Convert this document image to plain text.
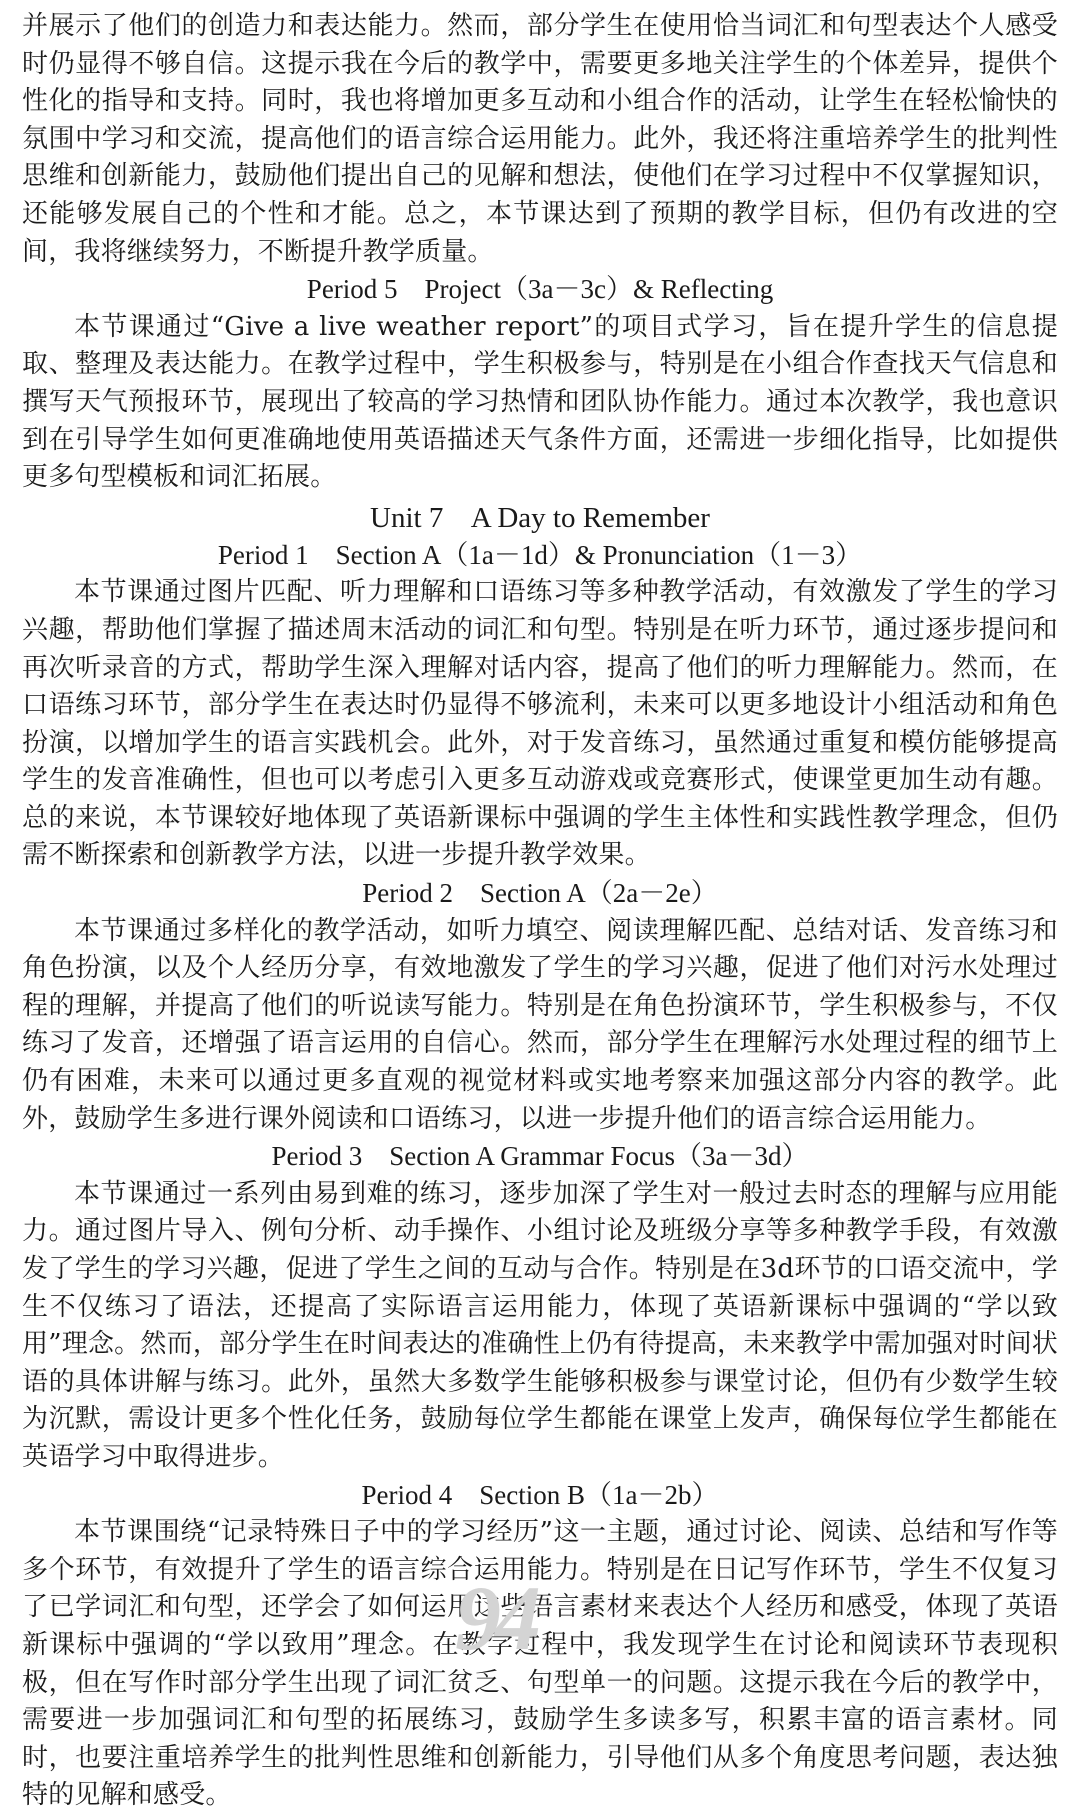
并展示了他们的创造力和表达能力。然而，部分学生在使用恰当词汇和句型表达个人感受时仍显得不够自信。这提示我在今后的教学中，需要更多地关注学生的个体差异，提供个性化的指导和支持。同时，我也将增加更多互动和小组合作的活动，让学生在轻松愉快的氛围中学习和交流，提高他们的语言综合运用能力。此外，我还将注重培养学生的批判性思维和创新能力，鼓励他们提出自己的见解和想法，使他们在学习过程中不仅掌握知识，还能够发展自己的个性和才能。总之，本节课达到了预期的教学目标，但仍有改进的空间，我将继续努力，不断提升教学质量。

Period 5    Project（3a－3c）& Reflecting

本节课通过“Give a live weather report”的项目式学习，旨在提升学生的信息提取、整理及表达能力。在教学过程中，学生积极参与，特别是在小组合作查找天气信息和撰写天气预报环节，展现出了较高的学习热情和团队协作能力。通过本次教学，我也意识到在引导学生如何更准确地使用英语描述天气条件方面，还需进一步细化指导，比如提供更多句型模板和词汇拓展。

Unit 7    A Day to Remember
Period 1    Section A（1a－1d）& Pronunciation（1－3）

本节课通过图片匹配、听力理解和口语练习等多种教学活动，有效激发了学生的学习兴趣，帮助他们掌握了描述周末活动的词汇和句型。特别是在听力环节，通过逐步提问和再次听录音的方式，帮助学生深入理解对话内容，提高了他们的听力理解能力。然而，在口语练习环节，部分学生在表达时仍显得不够流利，未来可以更多地设计小组活动和角色扮演，以增加学生的语言实践机会。此外，对于发音练习，虽然通过重复和模仿能够提高学生的发音准确性，但也可以考虑引入更多互动游戏或竞赛形式，使课堂更加生动有趣。总的来说，本节课较好地体现了英语新课标中强调的学生主体性和实践性教学理念，但仍需不断探索和创新教学方法，以进一步提升教学效果。

Period 2    Section A（2a－2e）

本节课通过多样化的教学活动，如听力填空、阅读理解匹配、总结对话、发音练习和角色扮演，以及个人经历分享，有效地激发了学生的学习兴趣，促进了他们对污水处理过程的理解，并提高了他们的听说读写能力。特别是在角色扮演环节，学生积极参与，不仅练习了发音，还增强了语言运用的自信心。然而，部分学生在理解污水处理过程的细节上仍有困难，未来可以通过更多直观的视觉材料或实地考察来加强这部分内容的教学。此外，鼓励学生多进行课外阅读和口语练习，以进一步提升他们的语言综合运用能力。

Period 3    Section A Grammar Focus（3a－3d）

本节课通过一系列由易到难的练习，逐步加深了学生对一般过去时态的理解与应用能力。通过图片导入、例句分析、动手操作、小组讨论及班级分享等多种教学手段，有效激发了学生的学习兴趣，促进了学生之间的互动与合作。特别是在3d环节的口语交流中，学生不仅练习了语法，还提高了实际语言运用能力，体现了英语新课标中强调的“学以致用”理念。然而，部分学生在时间表达的准确性上仍有待提高，未来教学中需加强对时间状语的具体讲解与练习。此外，虽然大多数学生能够积极参与课堂讨论，但仍有少数学生较为沉默，需设计更多个性化任务，鼓励每位学生都能在课堂上发声，确保每位学生都能在英语学习中取得进步。

Period 4    Section B（1a－2b）

本节课围绕“记录特殊日子中的学习经历”这一主题，通过讨论、阅读、总结和写作等多个环节，有效提升了学生的语言综合运用能力。特别是在日记写作环节，学生不仅复习了已学词汇和句型，还学会了如何运用这些语言素材来表达个人经历和感受，体现了英语新课标中强调的“学以致用”理念。在教学过程中，我发现学生在讨论和阅读环节表现积极，但在写作时部分学生出现了词汇贫乏、句型单一的问题。这提示我在今后的教学中，需要进一步加强词汇和句型的拓展练习，鼓励学生多读多写，积累丰富的语言素材。同时，也要注重培养学生的批判性思维和创新能力，引导他们从多个角度思考问题，表达独特的见解和感受。

94
